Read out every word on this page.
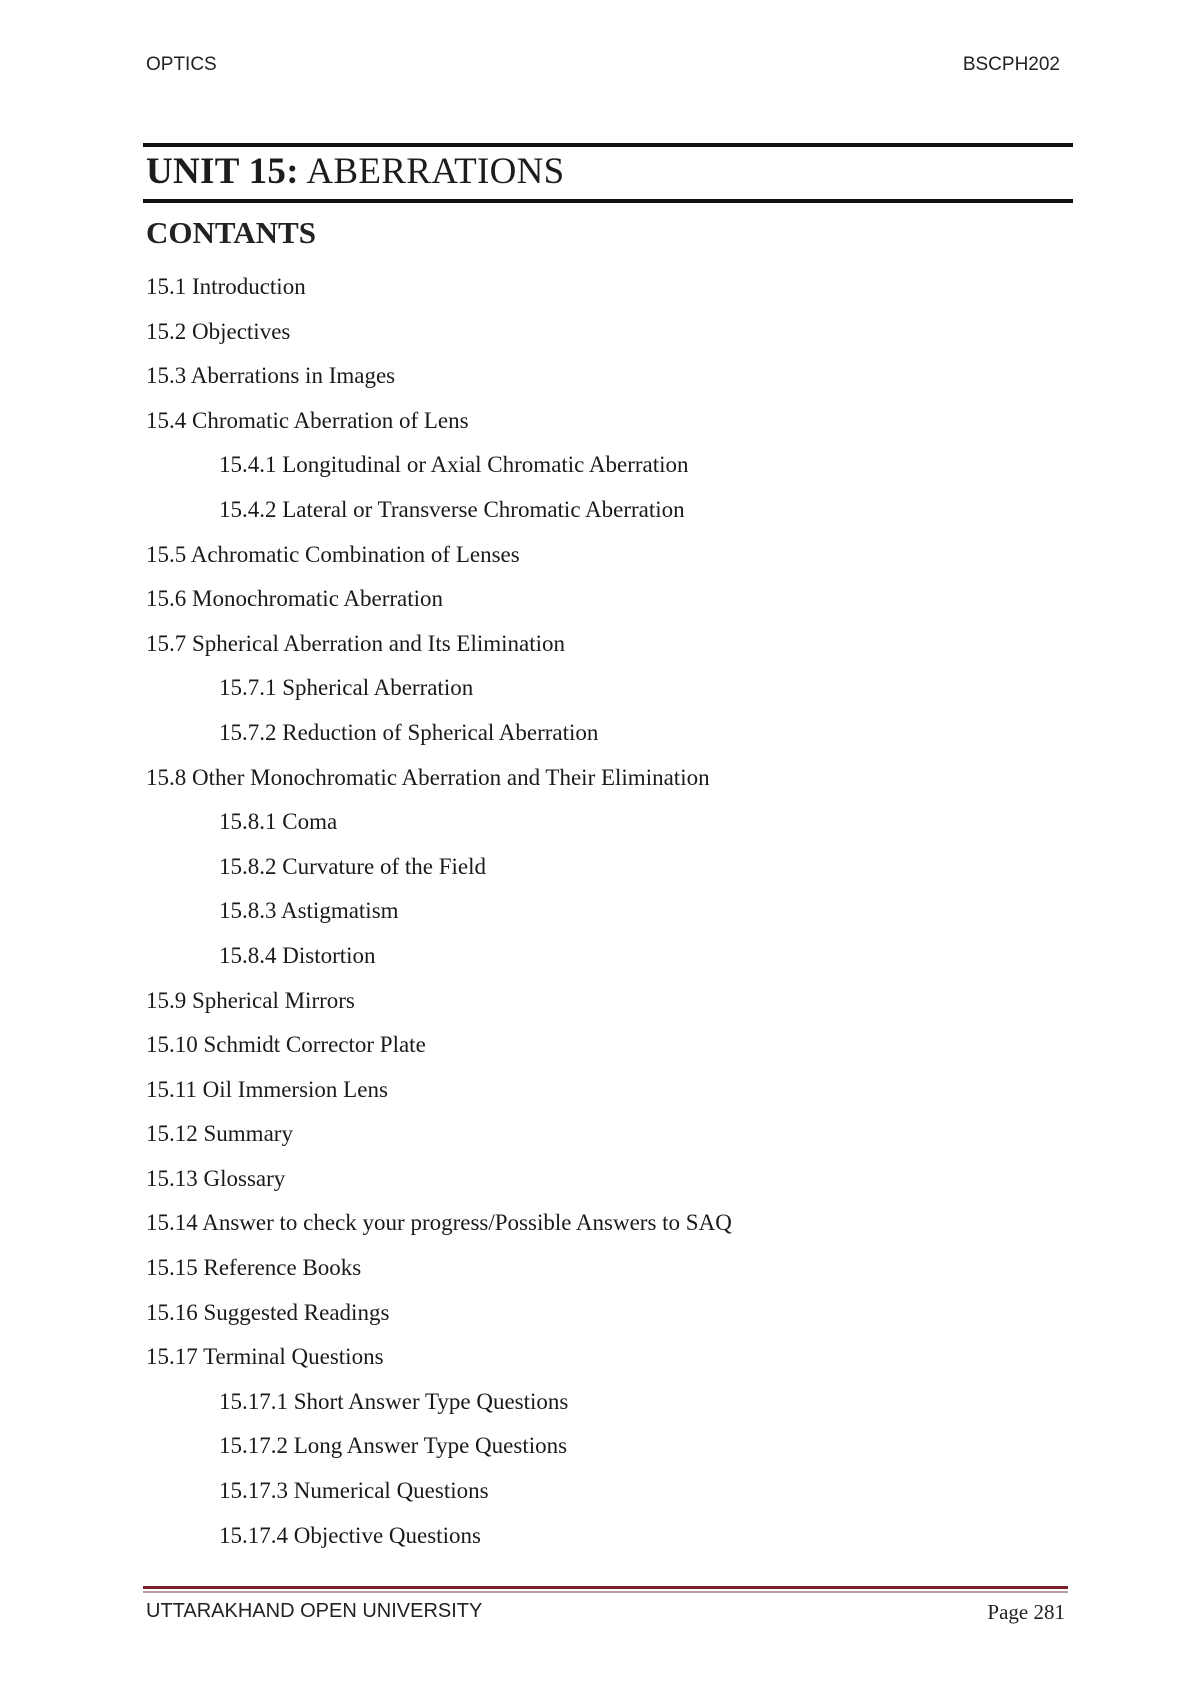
OPTICS	BSCPH202
UNIT 15: ABERRATIONS
CONTANTS
15.1 Introduction
15.2 Objectives
15.3 Aberrations in Images
15.4 Chromatic Aberration of Lens
15.4.1 Longitudinal or Axial Chromatic Aberration
15.4.2 Lateral or Transverse Chromatic Aberration
15.5 Achromatic Combination of Lenses
15.6 Monochromatic Aberration
15.7 Spherical Aberration and Its Elimination
15.7.1 Spherical Aberration
15.7.2 Reduction of Spherical Aberration
15.8 Other Monochromatic Aberration and Their Elimination
15.8.1 Coma
15.8.2 Curvature of the Field
15.8.3 Astigmatism
15.8.4 Distortion
15.9 Spherical Mirrors
15.10 Schmidt Corrector Plate
15.11 Oil Immersion Lens
15.12 Summary
15.13 Glossary
15.14 Answer to check your progress/Possible Answers to SAQ
15.15 Reference Books
15.16 Suggested Readings
15.17 Terminal Questions
15.17.1 Short Answer Type Questions
15.17.2 Long Answer Type Questions
15.17.3 Numerical Questions
15.17.4 Objective Questions
UTTARAKHAND OPEN UNIVERSITY	Page 281
